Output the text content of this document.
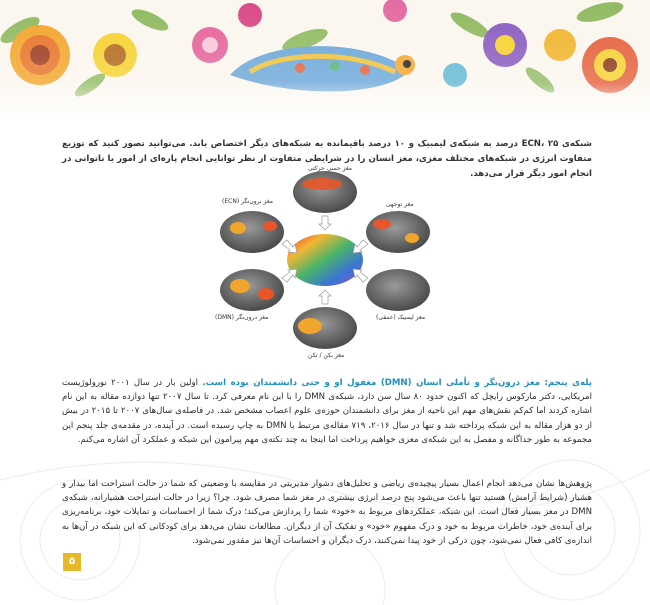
شبکه‌ی ECN، ۲۵ درصد به شبکه‌ی لیمبیک و ۱۰ درصد باقیمانده به شبکه‌های دیگر اختصاص یابد. می‌توانید تصور کنید که توزیع متفاوت انرژی در شبکه‌های مختلف مغزی، مغز انسان را در شرایطی متفاوت از نظر توانایی انجام پاره‌ای از امور یا ناتوانی در انجام امور دیگر قرار می‌دهد.

مغز حسی حرکتی
مغز برون‌نگر (ECN)	مغز توجهی
مغز درون‌نگر (DMN)	مغز لیمبیک (عمقی)
مغز بکن / تکن

پله‌ی پنجم: مغز درون‌نگر و تأملی انسان (DMN) مغفول او و حتی دانشمندان بوده است. اولین بار در سال ۲۰۰۱ نورولوژیست امریکایی، دکتر مارکوس رایچل که اکنون حدود ۸۰ سال سن دارد، شبکه‌ی DMN را با این نام معرفی کرد. تا سال ۲۰۰۷ تنها دوازده مقاله به این نام اشاره کردند اما کم‌کم نقش‌های مهم این ناحیه از مغز برای دانشمندان حوزه‌ی علوم اعصاب مشخص شد. در فاصله‌ی سال‌های ۲۰۰۷ تا ۲۰۱۵ در بیش از دو هزار مقاله به این شبکه پرداخته شد و تنها در سال ۲۰۱۶، ۷۱۹ مقاله‌ی مرتبط با DMN به چاپ رسیده است. در آینده، در مقدمه‌ی جلد پنجم این مجموعه به طور جداگانه و مفصل به این شبکه‌ی مغزی خواهیم پرداخت اما اینجا به چند نکته‌ی مهم پیرامون این شبکه و عملکرد آن اشاره می‌کنم.

پژوهش‌ها نشان می‌دهد انجام اعمال بسیار پیچیده‌ی ریاضی و تحلیل‌های دشوار مدیریتی در مقایسه با وضعیتی که شما در حالت استراحت اما بیدار و هشیار (شرایط آرامش) هستید تنها باعث می‌شود پنج درصد انرژی بیشتری در مغز شما مصرف شود. چرا؟ زیرا در حالت استراحت هشیارانه، شبکه‌ی DMN در مغز بسیار فعال است. این شبکه، عملکردهای مربوط به «خود» شما را پردازش می‌کند؛ درک شما از احساسات و تمایلات خود، برنامه‌ریزی برای آینده‌ی خود، خاطرات مربوط به خود و درک مفهوم «خود» و تفکیک آن از دیگران. مطالعات نشان می‌دهد برای کودکانی که این شبکه در آن‌ها به اندازه‌ی کافی فعال نمی‌شود، چون درکی از خود پیدا نمی‌کنند، درک دیگران و احساسات آن‌ها نیز مقدور نمی‌شود.

۵
